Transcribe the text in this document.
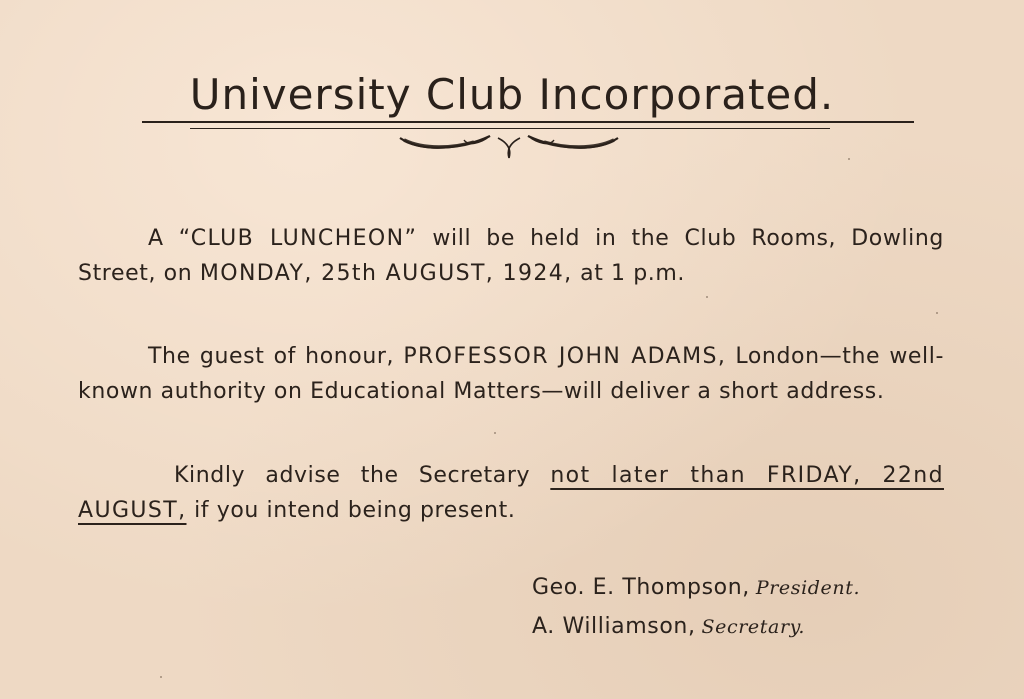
University Club Incorporated.

A “CLUB LUNCHEON” will be held in the Club Rooms, Dowling Street, on MONDAY, 25th AUGUST, 1924, at 1 p.m.

The guest of honour, PROFESSOR JOHN ADAMS, London—the well-known authority on Educational Matters—will deliver a short address.

Kindly advise the Secretary not later than FRIDAY, 22nd AUGUST, if you intend being present.

Geo. E. Thompson, President.
A. Williamson, Secretary.
